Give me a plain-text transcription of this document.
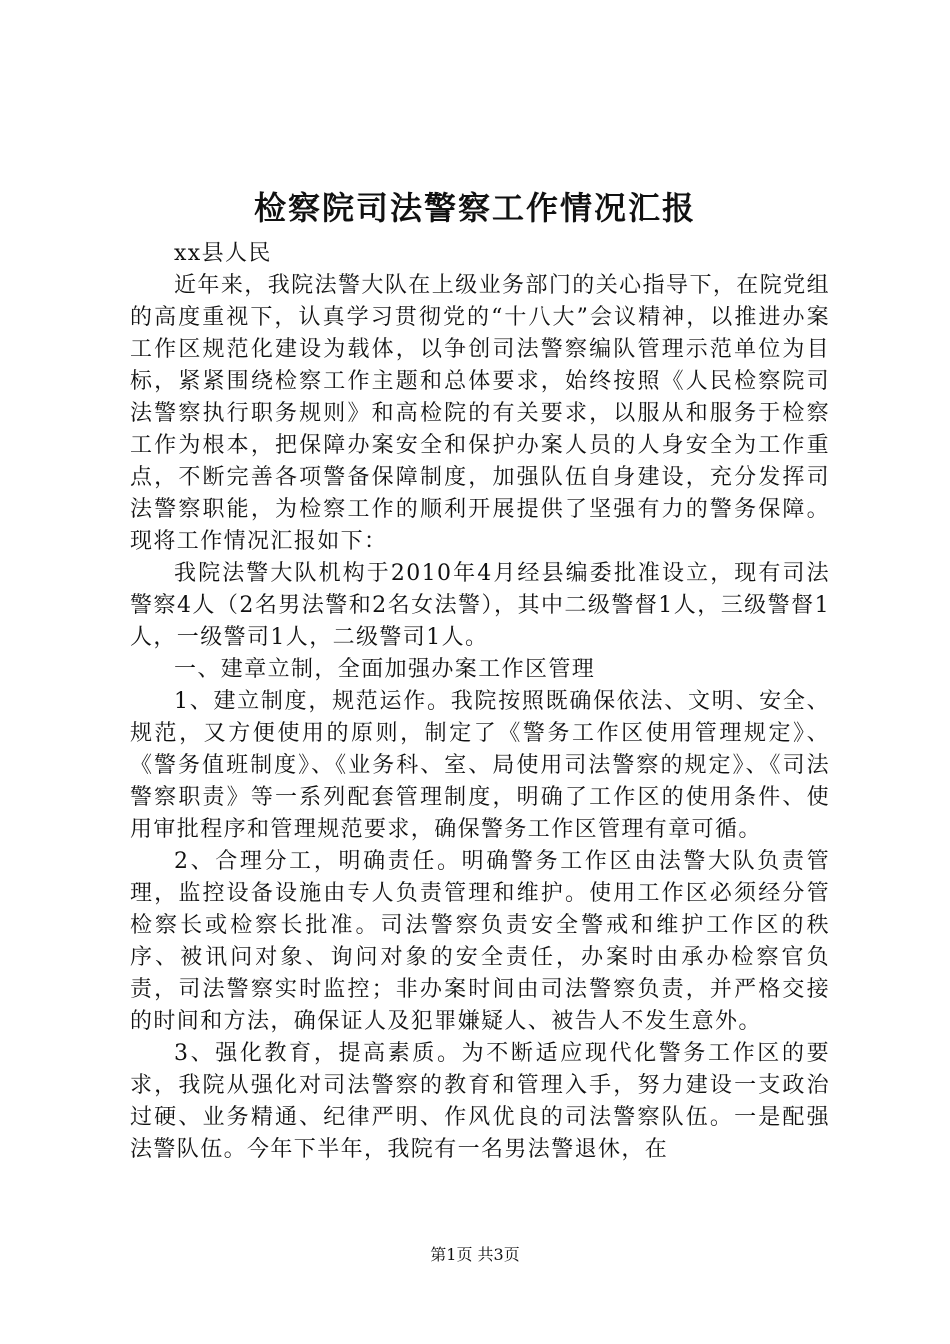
检察院司法警察工作情况汇报

xx县人民

近年来，我院法警大队在上级业务部门的关心指导下，在院党组的高度重视下，认真学习贯彻党的“十八大”会议精神，以推进办案工作区规范化建设为载体，以争创司法警察编队管理示范单位为目标，紧紧围绕检察工作主题和总体要求，始终按照《人民检察院司法警察执行职务规则》和高检院的有关要求，以服从和服务于检察工作为根本，把保障办案安全和保护办案人员的人身安全为工作重点，不断完善各项警备保障制度，加强队伍自身建设，充分发挥司法警察职能，为检察工作的顺利开展提供了坚强有力的警务保障。现将工作情况汇报如下：

我院法警大队机构于2010年4月经县编委批准设立，现有司法警察4人（2名男法警和2名女法警），其中二级警督1人，三级警督1人，一级警司1人，二级警司1人。

一、建章立制，全面加强办案工作区管理

1、建立制度，规范运作。我院按照既确保依法、文明、安全、规范，又方便使用的原则，制定了《警务工作区使用管理规定》、《警务值班制度》、《业务科、室、局使用司法警察的规定》、《司法警察职责》等一系列配套管理制度，明确了工作区的使用条件、使用审批程序和管理规范要求，确保警务工作区管理有章可循。

2、合理分工，明确责任。明确警务工作区由法警大队负责管理，监控设备设施由专人负责管理和维护。使用工作区必须经分管检察长或检察长批准。司法警察负责安全警戒和维护工作区的秩序、被讯问对象、询问对象的安全责任，办案时由承办检察官负责，司法警察实时监控；非办案时间由司法警察负责，并严格交接的时间和方法，确保证人及犯罪嫌疑人、被告人不发生意外。

3、强化教育，提高素质。为不断适应现代化警务工作区的要求，我院从强化对司法警察的教育和管理入手，努力建设一支政治过硬、业务精通、纪律严明、作风优良的司法警察队伍。一是配强法警队伍。今年下半年，我院有一名男法警退休，在

第1页 共3页
